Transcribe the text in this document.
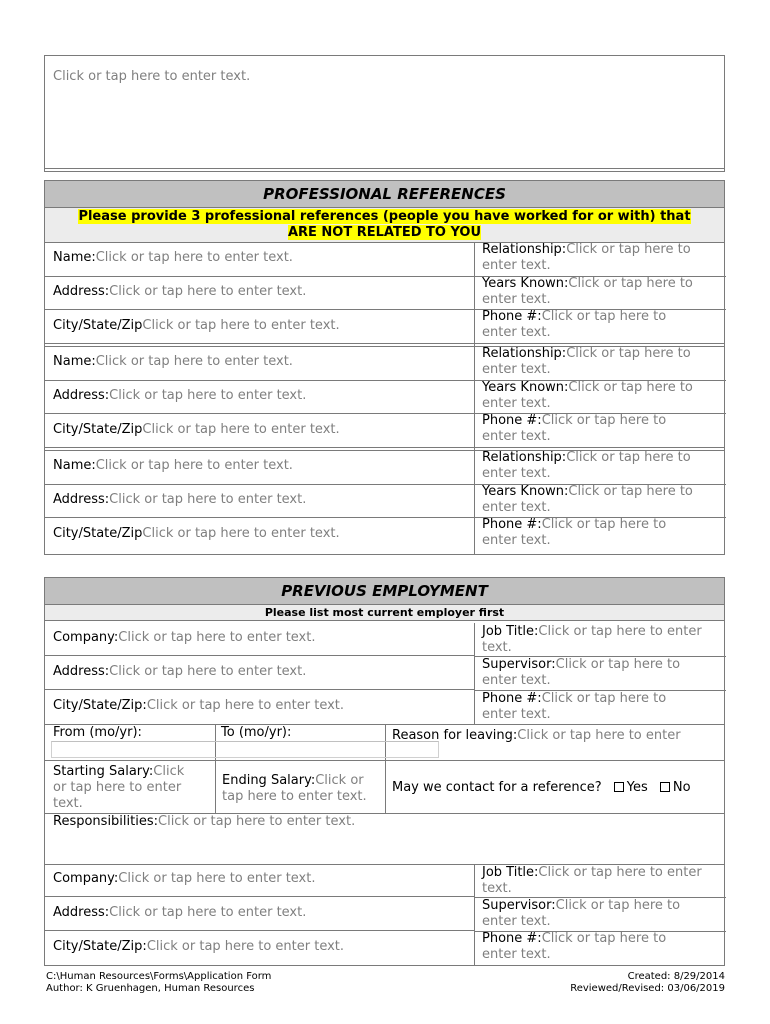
Click or tap here to enter text.
PROFESSIONAL REFERENCES
Please provide 3 professional references (people you have worked for or with) that
ARE NOT RELATED TO YOU
Name:Click or tap here to enter text.
Address:Click or tap here to enter text.
City/State/ZipClick or tap here to enter text.
Relationship:Click or tap here to
enter text.
Years Known:Click or tap here to
enter text.
Phone #:Click or tap here to
enter text.
Name:Click or tap here to enter text.
Address:Click or tap here to enter text.
City/State/ZipClick or tap here to enter text.
Relationship:Click or tap here to
enter text.
Years Known:Click or tap here to
enter text.
Phone #:Click or tap here to
enter text.
Name:Click or tap here to enter text.
Address:Click or tap here to enter text.
City/State/ZipClick or tap here to enter text.
Relationship:Click or tap here to
enter text.
Years Known:Click or tap here to
enter text.
Phone #:Click or tap here to
enter text.
PREVIOUS EMPLOYMENT
Please list most current employer first
Company:Click or tap here to enter text.
Address:Click or tap here to enter text.
City/State/Zip:Click or tap here to enter text.
Job Title:Click or tap here to enter
text.
Supervisor:Click or tap here to
enter text.
Phone #:Click or tap here to
enter text.
From (mo/yr):	To (mo/yr):	Reason for leaving:Click or tap here to enter
Starting Salary:Click
or tap here to enter
text.
Ending Salary:Click or
tap here to enter text.
May we contact for a reference? Yes No
Responsibilities:Click or tap here to enter text.
Company:Click or tap here to enter text.
Address:Click or tap here to enter text.
City/State/Zip:Click or tap here to enter text.
Job Title:Click or tap here to enter
text.
Supervisor:Click or tap here to
enter text.
Phone #:Click or tap here to
enter text.
C:\Human Resources\Forms\Application Form
Author: K Gruenhagen, Human Resources
Created: 8/29/2014
Reviewed/Revised: 03/06/2019
